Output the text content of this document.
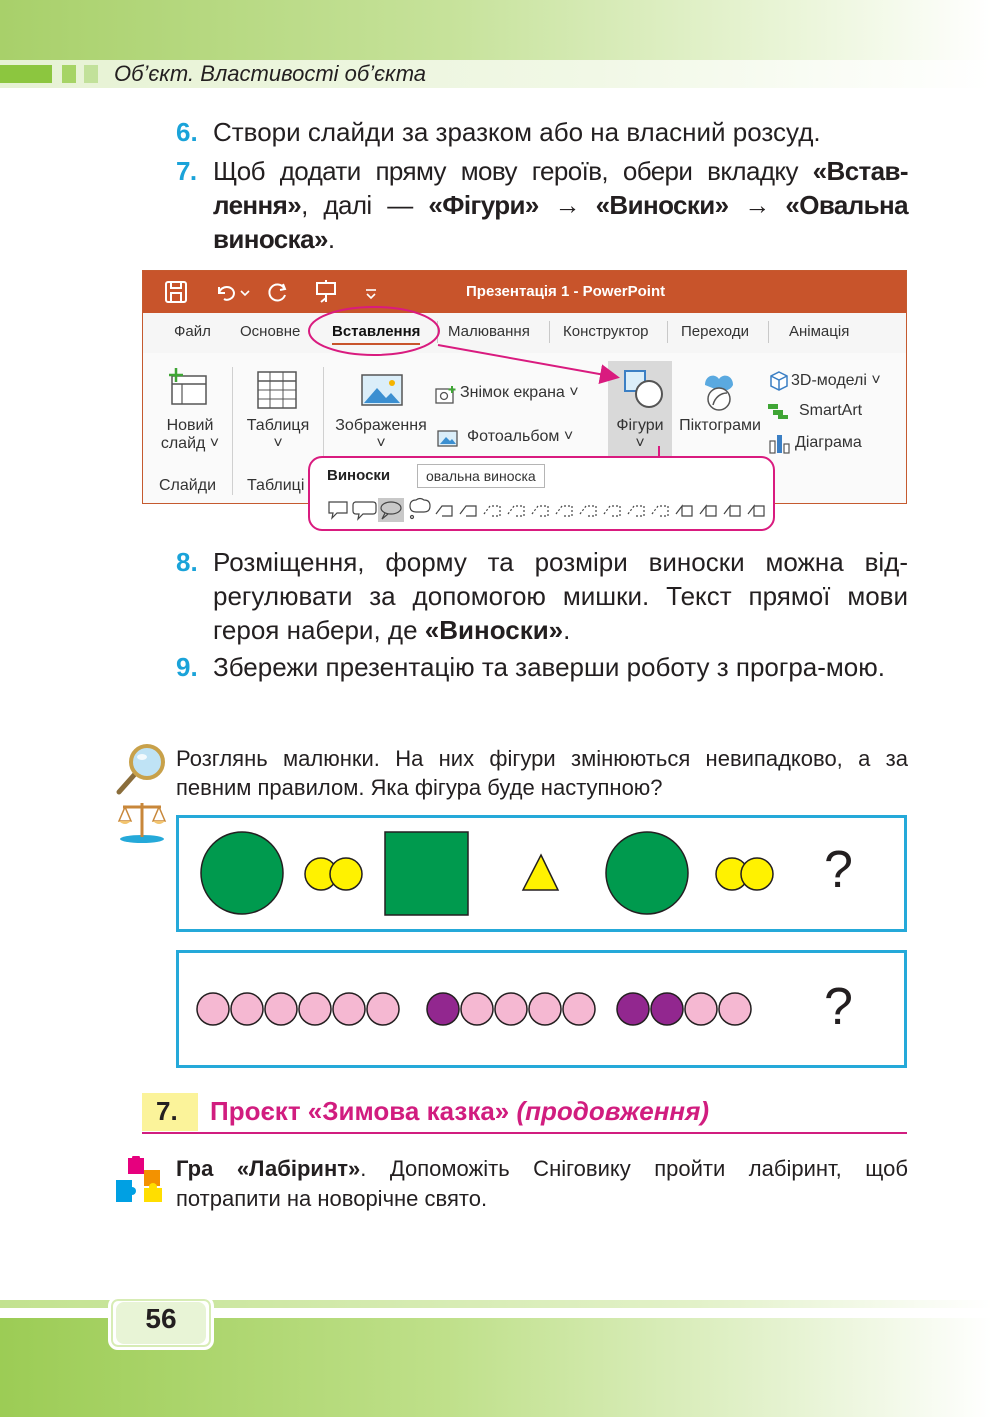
Об’єкт. Властивості об’єкта
6. Створи слайди за зразком або на власний розсуд.
7. Щоб додати пряму мову героїв, обери вкладку «Встав-лення», далі — «Фігури» → «Виноски» → «Овальна виноска».
Презентація 1 - PowerPoint
Файл Основне Вставлення Малювання Конструктор Переходи	Анімація
Новий
слайд ˅
Таблиця
˅
Зображення
˅
Знімок екрана ˅
Фотоальбом ˅
Фігури
˅
Піктограми
3D-моделі ˅
SmartArt
Діаграма
Слайди Таблиці
Виноски	овальна виноска
8. Розміщення, форму та розміри виноски можна від-регулювати за допомогою мишки. Текст прямої мови героя набери, де «Виноски».
9. Збережи презентацію та заверши роботу з програ-мою.
Розглянь малюнки. На них фігури змінюються невипадково, а за певним правилом. Яка фігура буде наступною?
?
?
7. Проєкт «Зимова казка» (продовження)
Гра «Лабіринт». Допоможіть Сніговику пройти лабіринт, щоб потрапити на новорічне свято.
56
